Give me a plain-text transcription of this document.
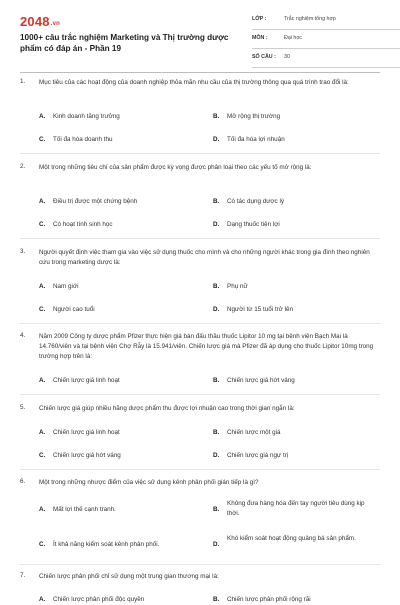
2048.vn
1000+ câu trắc nghiệm Marketing và Thị trường dược phẩm có đáp án - Phần 19
LỚP :	Trắc nghiệm tổng hợp
MÔN :	Đại học
SỐ CÂU : 30
1. Mục tiêu của các hoạt động của doanh nghiệp thỏa mãn nhu cầu của thị trường thông qua quá trình trao đổi là:
A. Kinh doanh tăng trưởng	B. Mở rộng thị trường
C. Tối đa hóa doanh thu	D. Tối đa hóa lợi nhuận
2. Một trong những tiêu chí của sản phẩm được kỳ vọng được phân loại theo các yếu tố mở rộng là:
A. Điều trị được một chứng bệnh	B. Có tác dụng dược lý
C. Có hoạt tính sinh học	D. Dạng thuốc tiện lợi
3. Người quyết định việc tham gia vào việc sử dụng thuốc cho mình và cho những người khác trong gia đình theo nghiên cứu trong marketing dược là:
A. Nam giới	B. Phụ nữ
C. Người cao tuổi	D. Người từ 15 tuổi trở lên
4. Năm 2009 Công ty dược phẩm Pfizer thực hiện giá bán đấu thầu thuốc Lipitor 10 mg tại bệnh viện Bạch Mai là 14.760/viên và tại bệnh viện Chợ Rẫy là 15.941/viên. Chiến lược giá mà Pfizer đã áp dụng cho thuốc Lipitor 10mg trong trường hợp trên là:
A. Chiến lược giá linh hoạt	B. Chiến lược giá hớt váng
5. Chiến lược giá giúp nhiều hãng dược phẩm thu được lợi nhuận cao trong thời gian ngắn là:
A. Chiến lược giá linh hoạt	B. Chiến lược một giá
C. Chiến lược giá hớt váng	D. Chiến lược giá ngự trị
6. Một trong những nhược điểm của việc sử dụng kênh phân phối gián tiếp là gì?
A. Mất lợi thế cạnh tranh.	B.
Không đưa hàng hóa đến tay người tiêu dùng kịp thời.
C. Ít khả năng kiểm soát kênh phân phối.	D.
Khó kiểm soát hoạt động quảng bá sản phẩm.
7. Chiến lược phân phối chỉ sử dụng một trung gian thương mại là:
A. Chiến lược phân phối độc quyền	B. Chiến lược phân phối rộng rãi
